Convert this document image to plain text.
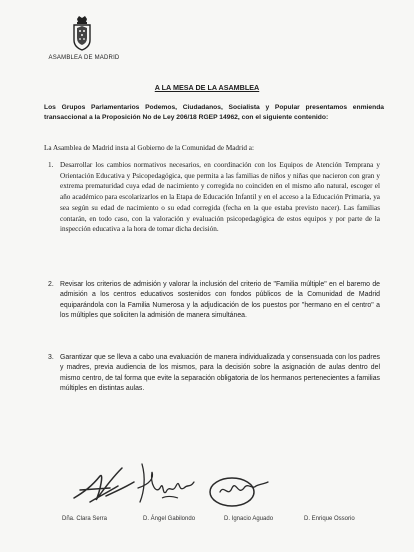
ASAMBLEA DE MADRID
A LA MESA DE LA ASAMBLEA
Los Grupos Parlamentarios Podemos, Ciudadanos, Socialista y Popular presentamos enmienda transaccional a la Proposición No de Ley 206/18 RGEP 14962, con el siguiente contenido:
La Asamblea de Madrid insta al Gobierno de la Comunidad de Madrid a:
1. Desarrollar los cambios normativos necesarios, en coordinación con los Equipos de Atención Temprana y Orientación Educativa y Psicopedagógica, que permita a las familias de niños y niñas que nacieron con gran y extrema prematuridad cuya edad de nacimiento y corregida no coinciden en el mismo año natural, escoger el año académico para escolarizarlos en la Etapa de Educación Infantil y en el acceso a la Educación Primaria, ya sea según su edad de nacimiento o su edad corregida (fecha en la que estaba previsto nacer). Las familias contarán, en todo caso, con la valoración y evaluación psicopedagógica de estos equipos y por parte de la inspección educativa a la hora de tomar dicha decisión.
2. Revisar los criterios de admisión y valorar la inclusión del criterio de "Familia múltiple" en el baremo de admisión a los centros educativos sostenidos con fondos públicos de la Comunidad de Madrid equiparándola con la Familia Numerosa y la adjudicación de los puestos por "hermano en el centro" a los múltiples que soliciten la admisión de manera simultánea.
3. Garantizar que se lleva a cabo una evaluación de manera individualizada y consensuada con los padres y madres, previa audiencia de los mismos, para la decisión sobre la asignación de aulas dentro del mismo centro, de tal forma que evite la separación obligatoria de los hermanos pertenecientes a familias múltiples en distintas aulas.
Dña. Clara Serra	D. Ángel Gabilondo	D. Ignacio Aguado	D. Enrique Ossorio
